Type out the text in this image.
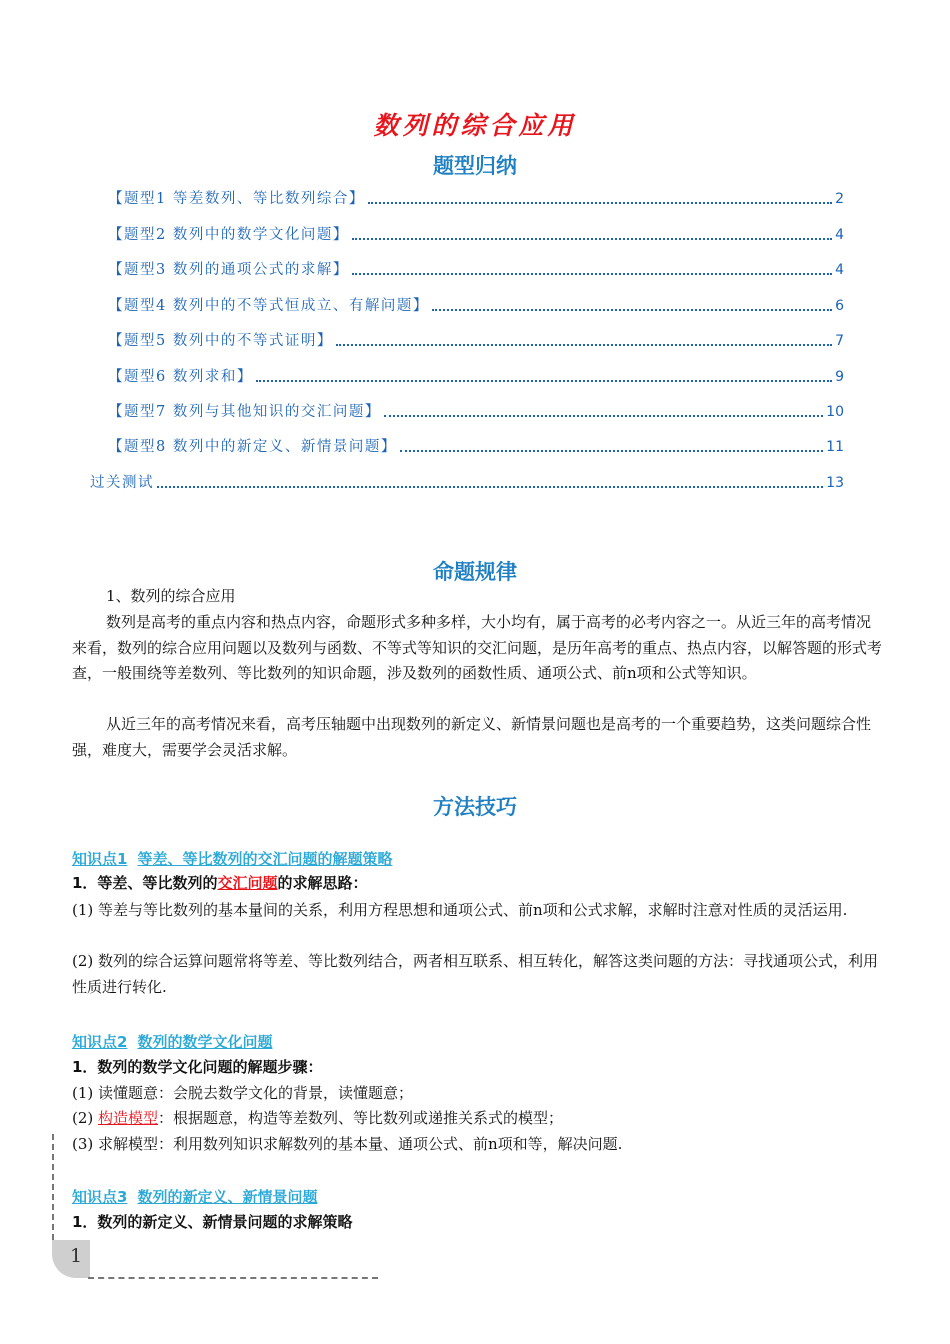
数列的综合应用
题型归纳
【题型1 等差数列、等比数列综合】	2
【题型2 数列中的数学文化问题】	4
【题型3 数列的通项公式的求解】	4
【题型4 数列中的不等式恒成立、有解问题】	6
【题型5 数列中的不等式证明】	7
【题型6 数列求和】	9
【题型7 数列与其他知识的交汇问题】	10
【题型8 数列中的新定义、新情景问题】	11
过关测试	13
命题规律
1、数列的综合应用
数列是高考的重点内容和热点内容，命题形式多种多样，大小均有，属于高考的必考内容之一。从近三年的高考情况来看，数列的综合应用问题以及数列与函数、不等式等知识的交汇问题，是历年高考的重点、热点内容，以解答题的形式考查，一般围绕等差数列、等比数列的知识命题，涉及数列的函数性质、通项公式、前n项和公式等知识。
从近三年的高考情况来看，高考压轴题中出现数列的新定义、新情景问题也是高考的一个重要趋势，这类问题综合性强，难度大，需要学会灵活求解。
方法技巧
知识点1 等差、等比数列的交汇问题的解题策略
1．等差、等比数列的交汇问题的求解思路：
(1) 等差与等比数列的基本量间的关系，利用方程思想和通项公式、前n项和公式求解，求解时注意对性质的灵活运用.
(2) 数列的综合运算问题常将等差、等比数列结合，两者相互联系、相互转化，解答这类问题的方法：寻找通项公式，利用性质进行转化.
知识点2 数列的数学文化问题
1．数列的数学文化问题的解题步骤：
(1) 读懂题意：会脱去数学文化的背景，读懂题意；
(2) 构造模型：根据题意，构造等差数列、等比数列或递推关系式的模型；
(3) 求解模型：利用数列知识求解数列的基本量、通项公式、前n项和等，解决问题.
知识点3 数列的新定义、新情景问题
1．数列的新定义、新情景问题的求解策略
1
